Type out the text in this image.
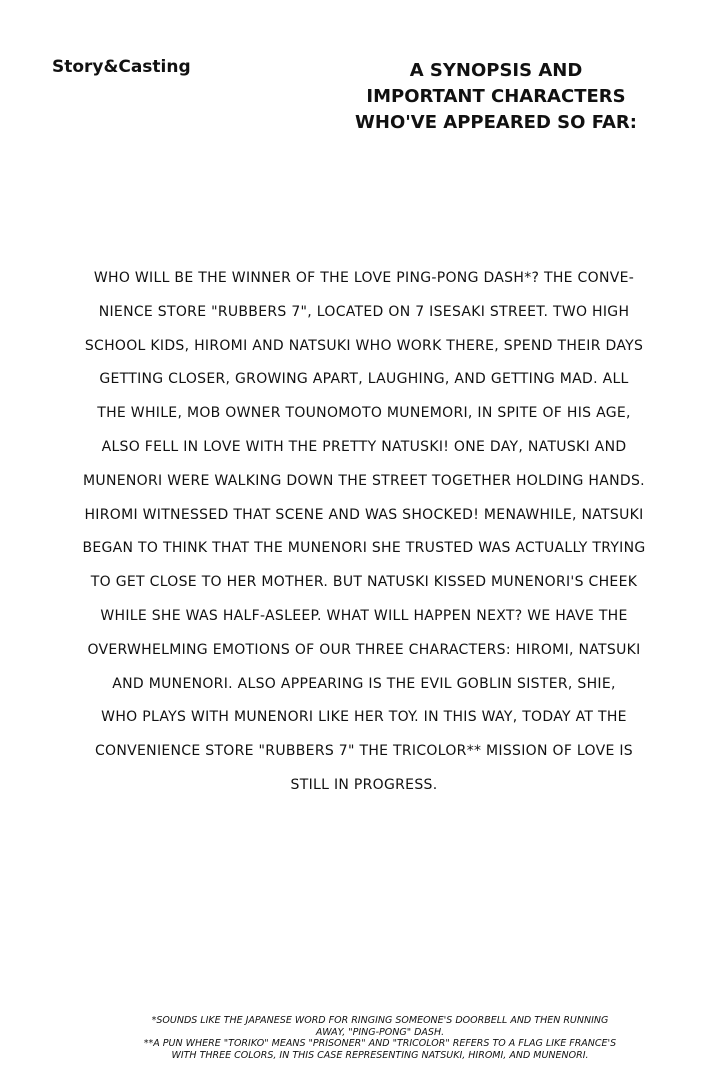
Story&Casting	A SYNOPSIS AND
IMPORTANT CHARACTERS
WHO'VE APPEARED SO FAR:
WHO WILL BE THE WINNER OF THE LOVE PING-PONG DASH*? THE CONVE-
NIENCE STORE "RUBBERS 7", LOCATED ON 7 ISESAKI STREET. TWO HIGH
SCHOOL KIDS, HIROMI AND NATSUKI WHO WORK THERE, SPEND THEIR DAYS
GETTING CLOSER, GROWING APART, LAUGHING, AND GETTING MAD. ALL
THE WHILE, MOB OWNER TOUNOMOTO MUNEMORI, IN SPITE OF HIS AGE,
ALSO FELL IN LOVE WITH THE PRETTY NATUSKI! ONE DAY, NATUSKI AND
MUNENORI WERE WALKING DOWN THE STREET TOGETHER HOLDING HANDS.
HIROMI WITNESSED THAT SCENE AND WAS SHOCKED! MENAWHILE, NATSUKI
BEGAN TO THINK THAT THE MUNENORI SHE TRUSTED WAS ACTUALLY TRYING
TO GET CLOSE TO HER MOTHER. BUT NATUSKI KISSED MUNENORI'S CHEEK
WHILE SHE WAS HALF-ASLEEP. WHAT WILL HAPPEN NEXT? WE HAVE THE
OVERWHELMING EMOTIONS OF OUR THREE CHARACTERS: HIROMI, NATSUKI
AND MUNENORI. ALSO APPEARING IS THE EVIL GOBLIN SISTER, SHIE,
WHO PLAYS WITH MUNENORI LIKE HER TOY. IN THIS WAY, TODAY AT THE
CONVENIENCE STORE "RUBBERS 7" THE TRICOLOR** MISSION OF LOVE IS
STILL IN PROGRESS.
*SOUNDS LIKE THE JAPANESE WORD FOR RINGING SOMEONE'S DOORBELL AND THEN RUNNING
AWAY, "PING-PONG" DASH.
**A PUN WHERE "TORIKO" MEANS "PRISONER" AND "TRICOLOR" REFERS TO A FLAG LIKE FRANCE'S
WITH THREE COLORS, IN THIS CASE REPRESENTING NATSUKI, HIROMI, AND MUNENORI.
